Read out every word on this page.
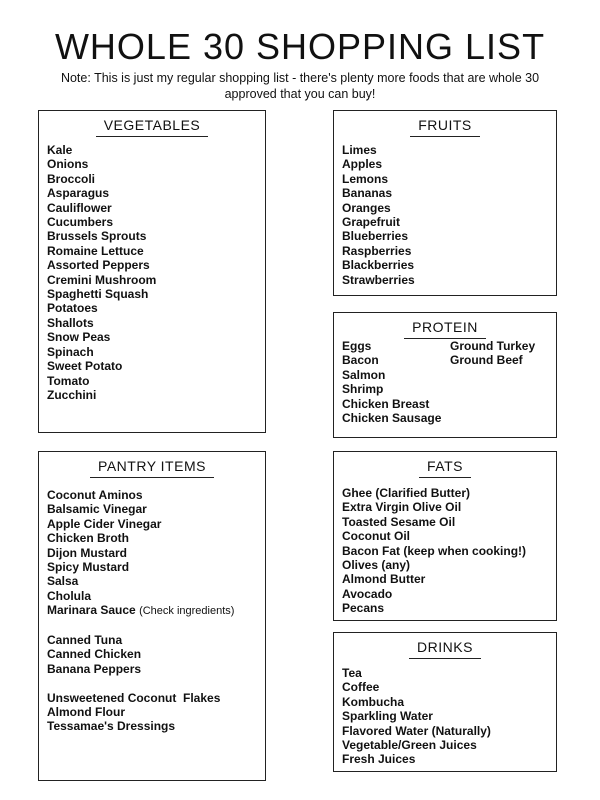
WHOLE 30 SHOPPING LIST
Note: This is just my regular shopping list - there's plenty more foods that are whole 30 approved that you can buy!
VEGETABLES
Kale
Onions
Broccoli
Asparagus
Cauliflower
Cucumbers
Brussels Sprouts
Romaine Lettuce
Assorted Peppers
Cremini Mushroom
Spaghetti Squash
Potatoes
Shallots
Snow Peas
Spinach
Sweet Potato
Tomato
Zucchini
PANTRY ITEMS
Coconut Aminos
Balsamic Vinegar
Apple Cider Vinegar
Chicken Broth
Dijon Mustard
Spicy Mustard
Salsa
Cholula
Marinara Sauce (Check ingredients)
Canned Tuna
Canned Chicken
Banana Peppers
Unsweetened Coconut  Flakes
Almond Flour
Tessamae's Dressings
FRUITS
Limes
Apples
Lemons
Bananas
Oranges
Grapefruit
Blueberries
Raspberries
Blackberries
Strawberries
PROTEIN
Eggs
Bacon
Salmon
Shrimp
Chicken Breast
Chicken Sausage
Ground Turkey
Ground Beef
FATS
Ghee (Clarified Butter)
Extra Virgin Olive Oil
Toasted Sesame Oil
Coconut Oil
Bacon Fat (keep when cooking!)
Olives (any)
Almond Butter
Avocado
Pecans
DRINKS
Tea
Coffee
Kombucha
Sparkling Water
Flavored Water (Naturally)
Vegetable/Green Juices
Fresh Juices
